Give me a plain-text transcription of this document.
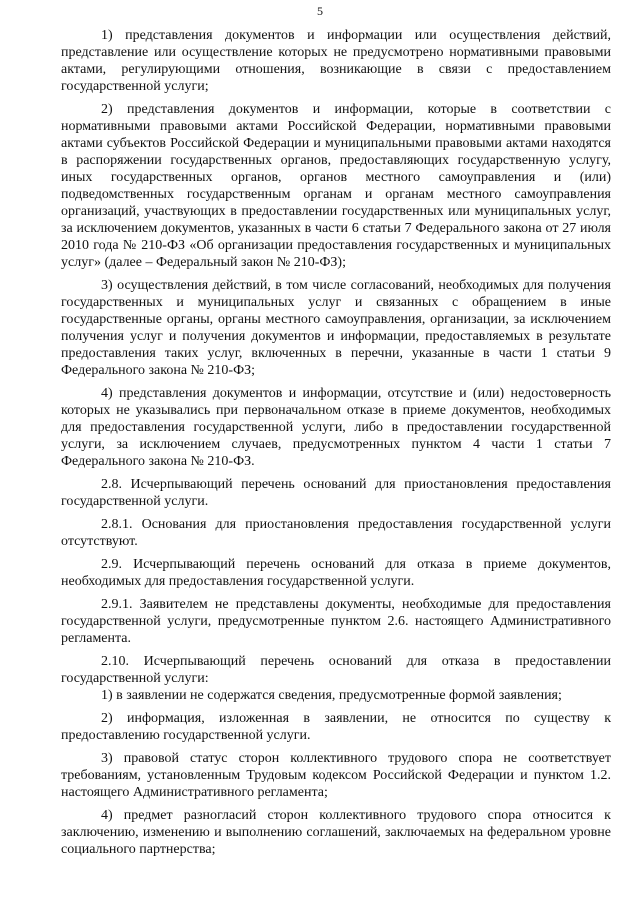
5

1) представления документов и информации или осуществления действий, представление или осуществление которых не предусмотрено нормативными правовыми актами, регулирующими отношения, возникающие в связи с предоставлением государственной услуги;

2) представления документов и информации, которые в соответствии с нормативными правовыми актами Российской Федерации, нормативными правовыми актами субъектов Российской Федерации и муниципальными правовыми актами находятся в распоряжении государственных органов, предоставляющих государственную услугу, иных государственных органов, органов местного самоуправления и (или) подведомственных государственным органам и органам местного самоуправления организаций, участвующих в предоставлении государственных или муниципальных услуг, за исключением документов, указанных в части 6 статьи 7 Федерального закона от 27 июля 2010 года № 210-ФЗ «Об организации предоставления государственных и муниципальных услуг» (далее – Федеральный закон № 210-ФЗ);

3) осуществления действий, в том числе согласований, необходимых для получения государственных и муниципальных услуг и связанных с обращением в иные государственные органы, органы местного самоуправления, организации, за исключением получения услуг и получения документов и информации, предоставляемых в результате предоставления таких услуг, включенных в перечни, указанные в части 1 статьи 9 Федерального закона № 210-ФЗ;

4) представления документов и информации, отсутствие и (или) недостоверность которых не указывались при первоначальном отказе в приеме документов, необходимых для предоставления государственной услуги, либо в предоставлении государственной услуги, за исключением случаев, предусмотренных пунктом 4 части 1 статьи 7 Федерального закона № 210-ФЗ.

2.8. Исчерпывающий перечень оснований для приостановления предоставления государственной услуги.

2.8.1. Основания для приостановления предоставления государственной услуги отсутствуют.

2.9. Исчерпывающий перечень оснований для отказа в приеме документов, необходимых для предоставления государственной услуги.

2.9.1. Заявителем не представлены документы, необходимые для предоставления государственной услуги, предусмотренные пунктом 2.6. настоящего Административного регламента.

2.10. Исчерпывающий перечень оснований для отказа в предоставлении государственной услуги:

1) в заявлении не содержатся сведения, предусмотренные формой заявления;

2) информация, изложенная в заявлении, не относится по существу к предоставлению государственной услуги.

3) правовой статус сторон коллективного трудового спора не соответствует требованиям, установленным Трудовым кодексом Российской Федерации и пунктом 1.2. настоящего Административного регламента;

4) предмет разногласий сторон коллективного трудового спора относится к заключению, изменению и выполнению соглашений, заключаемых на федеральном уровне социального партнерства;
